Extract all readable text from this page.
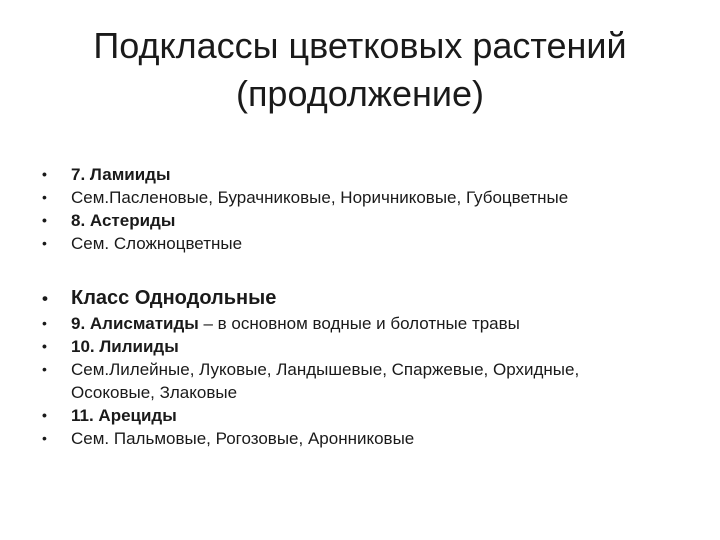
Подклассы цветковых растений
(продолжение)
• 7. Ламииды
• Сем.Пасленовые, Бурачниковые, Норичниковые, Губоцветные
• 8. Астериды
• Сем. Сложноцветные
• Класс Однодольные
• 9. Алисматиды – в основном водные и болотные травы
• 10. Лилииды
• Сем.Лилейные, Луковые, Ландышевые, Спаржевые, Орхидные,
Осоковые, Злаковые
• 11. Арециды
• Сем. Пальмовые, Рогозовые, Аронниковые
